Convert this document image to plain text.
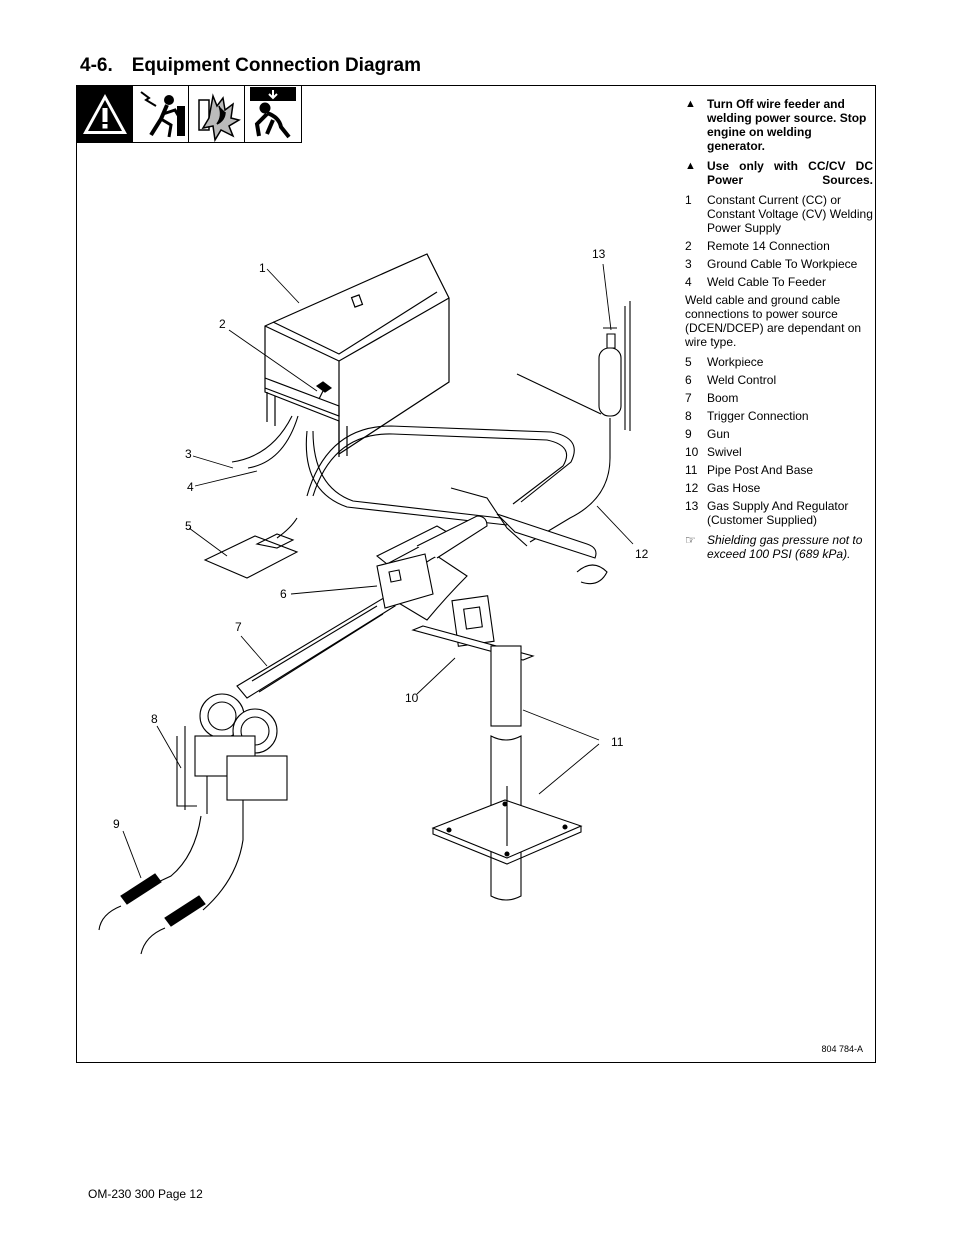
4-6. Equipment Connection Diagram
1
2
3
4
5
6
7
8
9
10
11
12
13
▲ Turn Off wire feeder and welding power source. Stop engine on welding generator.
▲ Use only with CC/CV DC Power Sources.
1	Constant Current (CC) or Constant Voltage (CV) Welding Power Supply
2	Remote 14 Connection
3	Ground Cable To Workpiece
4	Weld Cable To Feeder
Weld cable and ground cable connections to power source (DCEN/DCEP) are dependant on wire type.
5	Workpiece
6	Weld Control
7	Boom
8	Trigger Connection
9	Gun
10 Swivel
11 Pipe Post And Base
12 Gas Hose
13 Gas Supply And Regulator (Customer Supplied)
☞ Shielding gas pressure not to exceed 100 PSI (689 kPa).
804 784-A
OM-230 300 Page 12
